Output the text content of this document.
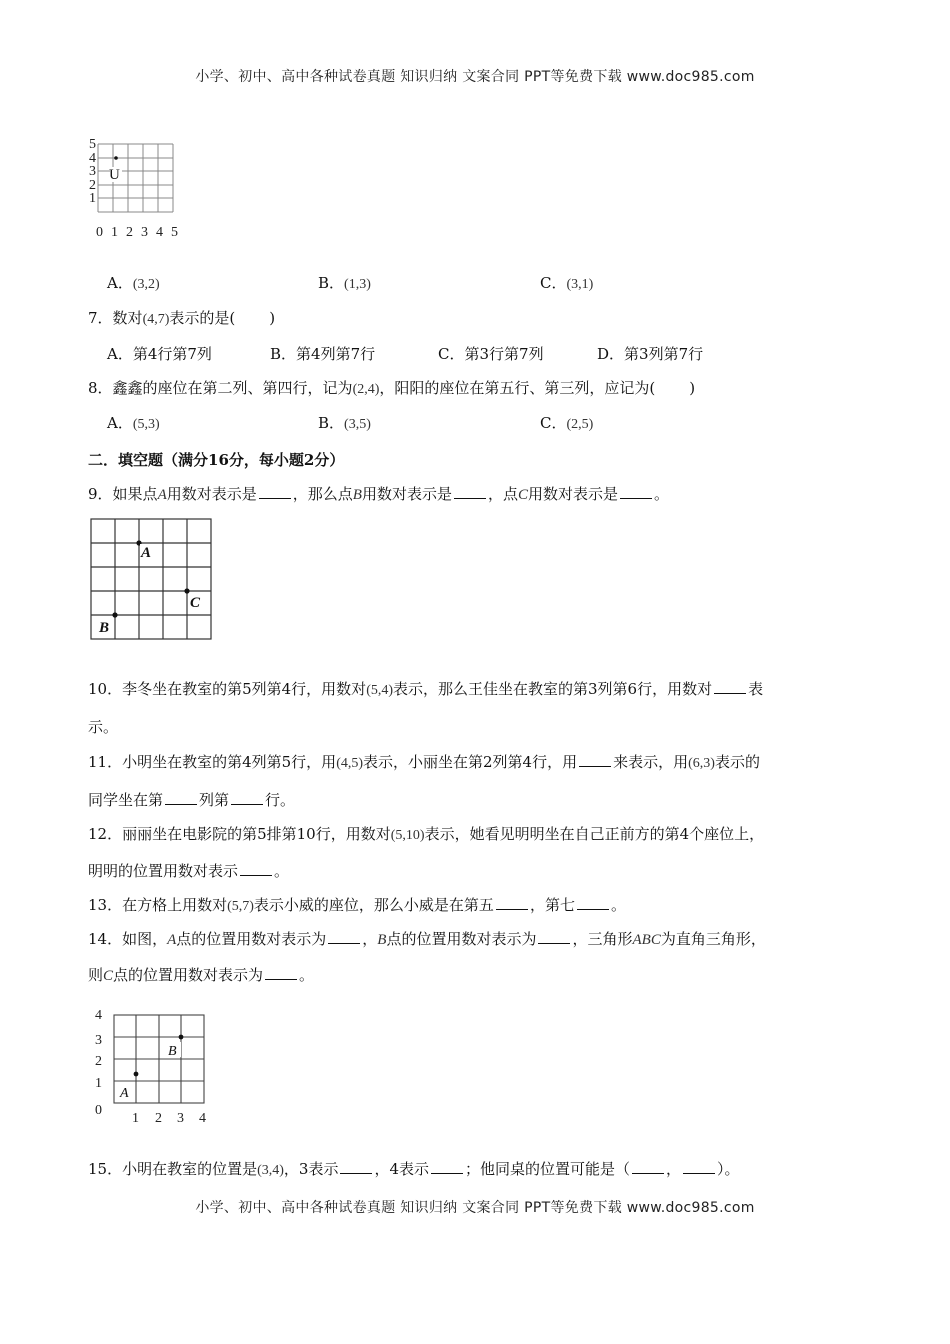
小学、初中、高中各种试卷真题 知识归纳 文案合同 PPT等免费下载 www.doc985.com
5
4
3
2
1
0 1 2 3 4 5
U
A．(3,2)	B．(1,3)	C．(3,1)
7．数对(4,7)表示的是( )
A．第4行第7列	B．第4列第7行	C．第3行第7列	D．第3列第7行
8．鑫鑫的座位在第二列、第四行，记为(2,4)，阳阳的座位在第五行、第三列，应记为( )
A．(5,3)	B．(3,5)	C．(2,5)
二．填空题（满分16分，每小题2分）
9．如果点A用数对表示是 ，那么点B用数对表示是 ，点C用数对表示是 。
A
B
C
10．李冬坐在教室的第5列第4行，用数对(5,4)表示，那么王佳坐在教室的第3列第6行，用数对 表
示。
11．小明坐在教室的第4列第5行，用(4,5)表示，小丽坐在第2列第4行，用 来表示，用(6,3)表示的
同学坐在第 列第 行。
12．丽丽坐在电影院的第5排第10行，用数对(5,10)表示，她看见明明坐在自己正前方的第4个座位上，
明明的位置用数对表示 。
13．在方格上用数对(5,7)表示小威的座位，那么小威是在第五 ，第七 。
14．如图，A点的位置用数对表示为 ，B点的位置用数对表示为 ，三角形ABC为直角三角形，
则C点的位置用数对表示为 。
4
3
2
1
0
1 2 3 4
A
B
15．小明在教室的位置是(3,4)，3表示 ，4表示 ；他同桌的位置可能是（ ， ）。
小学、初中、高中各种试卷真题 知识归纳 文案合同 PPT等免费下载 www.doc985.com
